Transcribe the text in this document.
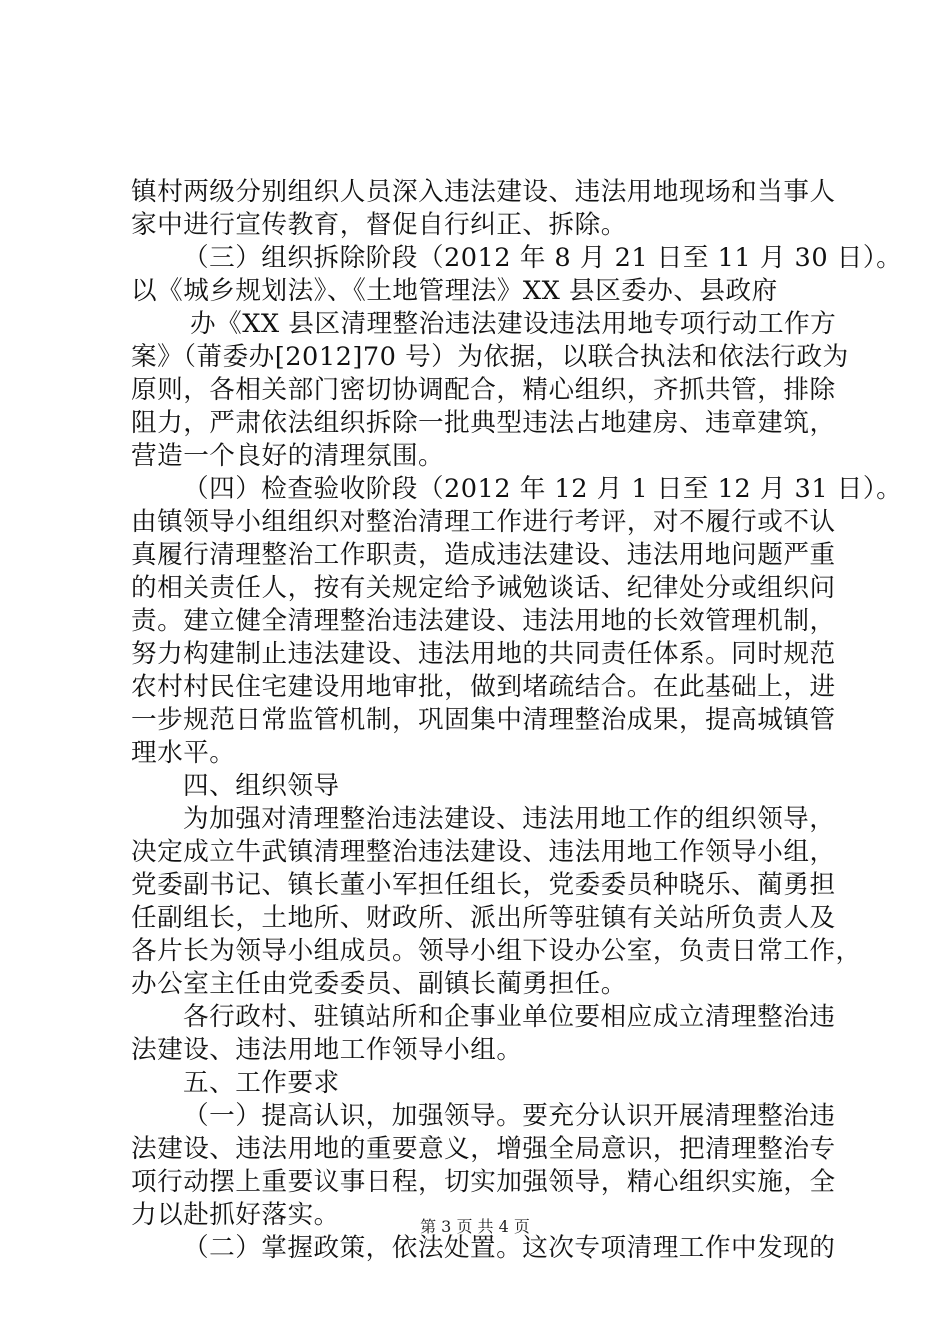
镇村两级分别组织人员深入违法建设、违法用地现场和当事人
家中进行宣传教育，督促自行纠正、拆除。
（三）组织拆除阶段（2012 年 8 月 21 日至 11 月 30 日）。
以《城乡规划法》、《土地管理法》XX 县区委办、县政府
办《XX 县区清理整治违法建设违法用地专项行动工作方
案》（莆委办[2012]70 号）为依据，以联合执法和依法行政为
原则，各相关部门密切协调配合，精心组织，齐抓共管，排除
阻力，严肃依法组织拆除一批典型违法占地建房、违章建筑，
营造一个良好的清理氛围。
（四）检查验收阶段（2012 年 12 月 1 日至 12 月 31 日）。
由镇领导小组组织对整治清理工作进行考评，对不履行或不认
真履行清理整治工作职责，造成违法建设、违法用地问题严重
的相关责任人，按有关规定给予诫勉谈话、纪律处分或组织问
责。建立健全清理整治违法建设、违法用地的长效管理机制，
努力构建制止违法建设、违法用地的共同责任体系。同时规范
农村村民住宅建设用地审批，做到堵疏结合。在此基础上，进
一步规范日常监管机制，巩固集中清理整治成果，提高城镇管
理水平。
四、组织领导
为加强对清理整治违法建设、违法用地工作的组织领导，
决定成立牛武镇清理整治违法建设、违法用地工作领导小组，
党委副书记、镇长董小军担任组长，党委委员种晓乐、蔺勇担
任副组长，土地所、财政所、派出所等驻镇有关站所负责人及
各片长为领导小组成员。领导小组下设办公室，负责日常工作，
办公室主任由党委委员、副镇长蔺勇担任。
各行政村、驻镇站所和企事业单位要相应成立清理整治违
法建设、违法用地工作领导小组。
五、工作要求
（一）提高认识，加强领导。要充分认识开展清理整治违
法建设、违法用地的重要意义，增强全局意识，把清理整治专
项行动摆上重要议事日程，切实加强领导，精心组织实施，全
力以赴抓好落实。
（二）掌握政策，依法处置。这次专项清理工作中发现的
第 3 页 共 4 页
